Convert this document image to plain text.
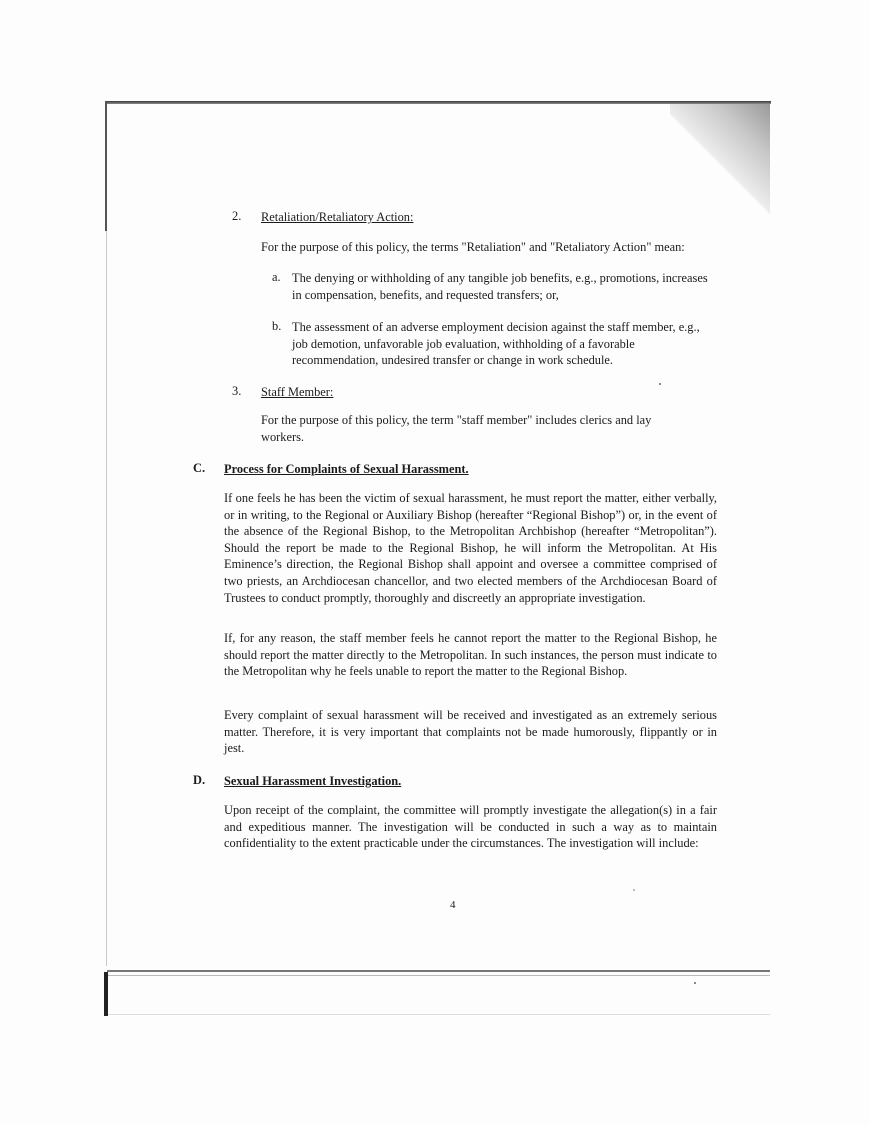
2. Retaliation/Retaliatory Action:
For the purpose of this policy, the terms "Retaliation" and "Retaliatory Action" mean:
a. The denying or withholding of any tangible job benefits, e.g., promotions, increases in compensation, benefits, and requested transfers; or,
b. The assessment of an adverse employment decision against the staff member, e.g., job demotion, unfavorable job evaluation, withholding of a favorable recommendation, undesired transfer or change in work schedule.
3. Staff Member:
For the purpose of this policy, the term "staff member" includes clerics and lay workers.
C. Process for Complaints of Sexual Harassment.
If one feels he has been the victim of sexual harassment, he must report the matter, either verbally, or in writing, to the Regional or Auxiliary Bishop (hereafter “Regional Bishop”) or, in the event of the absence of the Regional Bishop, to the Metropolitan Archbishop (hereafter “Metropolitan”). Should the report be made to the Regional Bishop, he will inform the Metropolitan. At His Eminence’s direction, the Regional Bishop shall appoint and oversee a committee comprised of two priests, an Archdiocesan chancellor, and two elected members of the Archdiocesan Board of Trustees to conduct promptly, thoroughly and discreetly an appropriate investigation.
If, for any reason, the staff member feels he cannot report the matter to the Regional Bishop, he should report the matter directly to the Metropolitan. In such instances, the person must indicate to the Metropolitan why he feels unable to report the matter to the Regional Bishop.
Every complaint of sexual harassment will be received and investigated as an extremely serious matter. Therefore, it is very important that complaints not be made humorously, flippantly or in jest.
D. Sexual Harassment Investigation.
Upon receipt of the complaint, the committee will promptly investigate the allegation(s) in a fair and expeditious manner. The investigation will be conducted in such a way as to maintain confidentiality to the extent practicable under the circumstances. The investigation will include:
4
